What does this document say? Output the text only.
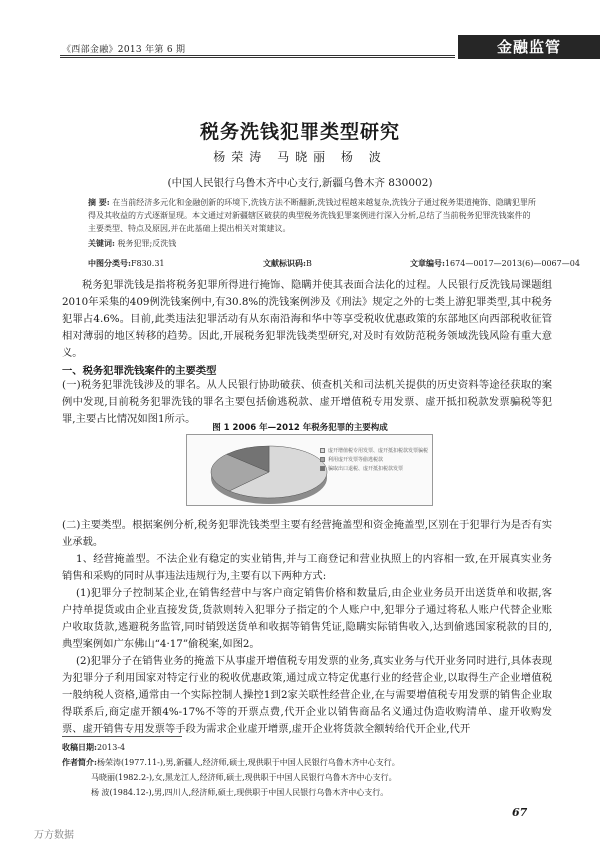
《西部金融》2013 年第 6 期	金融监管
税务洗钱犯罪类型研究
杨荣涛 马晓丽 杨 波
(中国人民银行乌鲁木齐中心支行,新疆乌鲁木齐 830002)
摘 要: 在当前经济多元化和金融创新的环境下,洗钱方法不断翻新,洗钱过程越来越复杂,洗钱分子通过税务渠道掩饰、隐瞒犯罪所得及其收益的方式逐渐显现。本文通过对新疆辖区破获的典型税务洗钱犯罪案例进行深入分析,总结了当前税务犯罪洗钱案件的主要类型、特点及原因,并在此基础上提出相关对策建议。
关键词: 税务犯罪;反洗钱
中图分类号:F830.31	文献标识码:B	文章编号:1674—0017—2013(6)—0067—04
税务犯罪洗钱是指将税务犯罪所得进行掩饰、隐瞒并使其表面合法化的过程。人民银行反洗钱局课题组2010年采集的409例洗钱案例中,有30.8%的洗钱案例涉及《刑法》规定之外的七类上游犯罪类型,其中税务犯罪占4.6%。目前,此类违法犯罪活动有从东南沿海和华中等享受税收优惠政策的东部地区向西部税收征管相对薄弱的地区转移的趋势。因此,开展税务犯罪洗钱类型研究,对及时有效防范税务领域洗钱风险有重大意义。
一、税务犯罪洗钱案件的主要类型
(一)税务犯罪洗钱涉及的罪名。从人民银行协助破获、侦查机关和司法机关提供的历史资料等途径获取的案例中发现,目前税务犯罪洗钱的罪名主要包括偷逃税款、虚开增值税专用发票、虚开抵扣税款发票骗税等犯罪,主要占比情况如图1所示。
图 1 2006 年—2012 年税务犯罪的主要构成
虚开增值税专用发票、虚开抵扣税款发票骗税
利用虚开发票等偷逃税款
骗取出口退税、虚开抵扣税款发票
(二)主要类型。根据案例分析,税务犯罪洗钱类型主要有经营掩盖型和资金掩盖型,区别在于犯罪行为是否有实业承载。
1、经营掩盖型。不法企业有稳定的实业销售,并与工商登记和营业执照上的内容相一致,在开展真实业务销售和采购的同时从事违法违规行为,主要有以下两种方式:
(1)犯罪分子控制某企业,在销售经营中与客户商定销售价格和数量后,由企业业务员开出送货单和收据,客户持单提货或由企业直接发货,货款则转入犯罪分子指定的个人账户中,犯罪分子通过将私人账户代替企业账户收取货款,逃避税务监管,同时销毁送货单和收据等销售凭证,隐瞒实际销售收入,达到偷逃国家税款的目的,典型案例如广东佛山“4·17”偷税案,如图2。
(2)犯罪分子在销售业务的掩盖下从事虚开增值税专用发票的业务,真实业务与代开业务同时进行,具体表现为犯罪分子利用国家对特定行业的税收优惠政策,通过成立特定优惠行业的经营企业,以取得生产企业增值税一般纳税人资格,通常由一个实际控制人操控1到2家关联性经营企业,在与需要增值税专用发票的销售企业取得联系后,商定虚开额4%-17%不等的开票点费,代开企业以销售商品名义通过伪造收购清单、虚开收购发票、虚开销售专用发票等手段为需求企业虚开增票,虚开企业将货款全额转给代开企业,代开
收稿日期:2013-4
作者简介:杨荣涛(1977.11-),男,新疆人,经济师,硕士,现供职于中国人民银行乌鲁木齐中心支行。
马晓丽(1982.2-),女,黑龙江人,经济师,硕士,现供职于中国人民银行乌鲁木齐中心支行。
杨 波(1984.12-),男,四川人,经济师,硕士,现供职于中国人民银行乌鲁木齐中心支行。
67
万方数据
